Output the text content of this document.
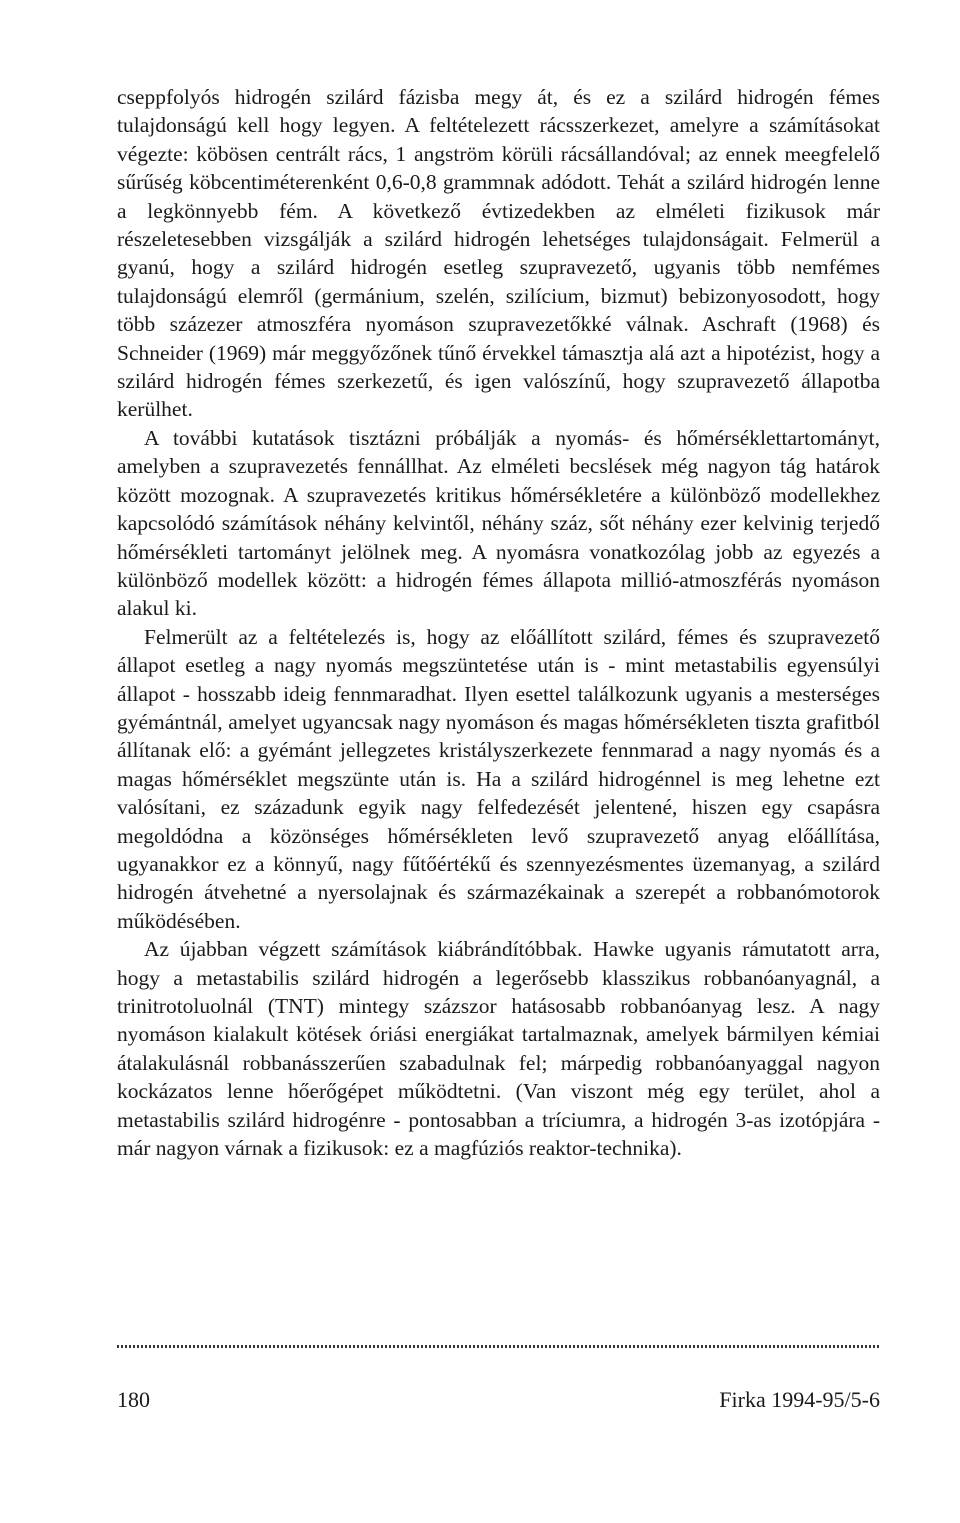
cseppfolyós hidrogén szilárd fázisba megy át, és ez a szilárd hidrogén fémes tulajdonságú kell hogy legyen. A feltételezett rácsszerkezet, amelyre a számításokat végezte: köbösen centrált rács, 1 angström körüli rácsállandóval; az ennek meegfelelő sűrűség köbcentiméterenként 0,6-0,8 grammnak adódott. Tehát a szilárd hidrogén lenne a legkönnyebb fém. A következő évtizedekben az elméleti fizikusok már részeletesebben vizsgálják a szilárd hidrogén lehetséges tulajdonságait. Felmerül a gyanú, hogy a szilárd hidrogén esetleg szupravezető, ugyanis több nemfémes tulajdonságú elemről (germánium, szelén, szilícium, bizmut) bebizonyosodott, hogy több százezer atmoszféra nyomáson szupravezetőkké válnak. Aschraft (1968) és Schneider (1969) már meggyőzőnek tűnő érvekkel támasztja alá azt a hipotézist, hogy a szilárd hidrogén fémes szerkezetű, és igen valószínű, hogy szupravezető állapotba kerülhet.

A további kutatások tisztázni próbálják a nyomás- és hőmérséklettartományt, amelyben a szupravezetés fennállhat. Az elméleti becslések még nagyon tág határok között mozognak. A szupravezetés kritikus hőmérsékletére a különböző modellekhez kapcsolódó számítások néhány kelvintől, néhány száz, sőt néhány ezer kelvinig terjedő hőmérsékleti tartományt jelölnek meg. A nyomásra vonatkozólag jobb az egyezés a különböző modellek között: a hidrogén fémes állapota millió-atmoszférás nyomáson alakul ki.

Felmerült az a feltételezés is, hogy az előállított szilárd, fémes és szupravezető állapot esetleg a nagy nyomás megszüntetése után is - mint metastabilis egyensúlyi állapot - hosszabb ideig fennmaradhat. Ilyen esettel találkozunk ugyanis a mesterséges gyémántnál, amelyet ugyancsak nagy nyomáson és magas hőmérsékleten tiszta grafitból állítanak elő: a gyémánt jellegzetes kristályszerkezete fennmarad a nagy nyomás és a magas hőmérséklet megszünte után is. Ha a szilárd hidrogénnel is meg lehetne ezt valósítani, ez századunk egyik nagy felfedezését jelentené, hiszen egy csapásra megoldódna a közönséges hőmérsékleten levő szupravezető anyag előállítása, ugyanakkor ez a könnyű, nagy fűtőértékű és szennyezésmentes üzemanyag, a szilárd hidrogén átvehetné a nyersolajnak és származékainak a szerepét a robbanómotorok működésében.

Az újabban végzett számítások kiábrándítóbbak. Hawke ugyanis rámutatott arra, hogy a metastabilis szilárd hidrogén a legerősebb klasszikus robbanóanyagnál, a trinitrotoluolnál (TNT) mintegy százszor hatásosabb robbanóanyag lesz. A nagy nyomáson kialakult kötések óriási energiákat tartalmaznak, amelyek bármilyen kémiai átalakulásnál robbanásszerűen szabadulnak fel; márpedig robbanóanyaggal nagyon kockázatos lenne hőerőgépet működtetni. (Van viszont még egy terület, ahol a metastabilis szilárd hidrogénre - pontosabban a tríciumra, a hidrogén 3-as izotópjára - már nagyon várnak a fizikusok: ez a magfúziós reaktor-technika).

180	Firka 1994-95/5-6
